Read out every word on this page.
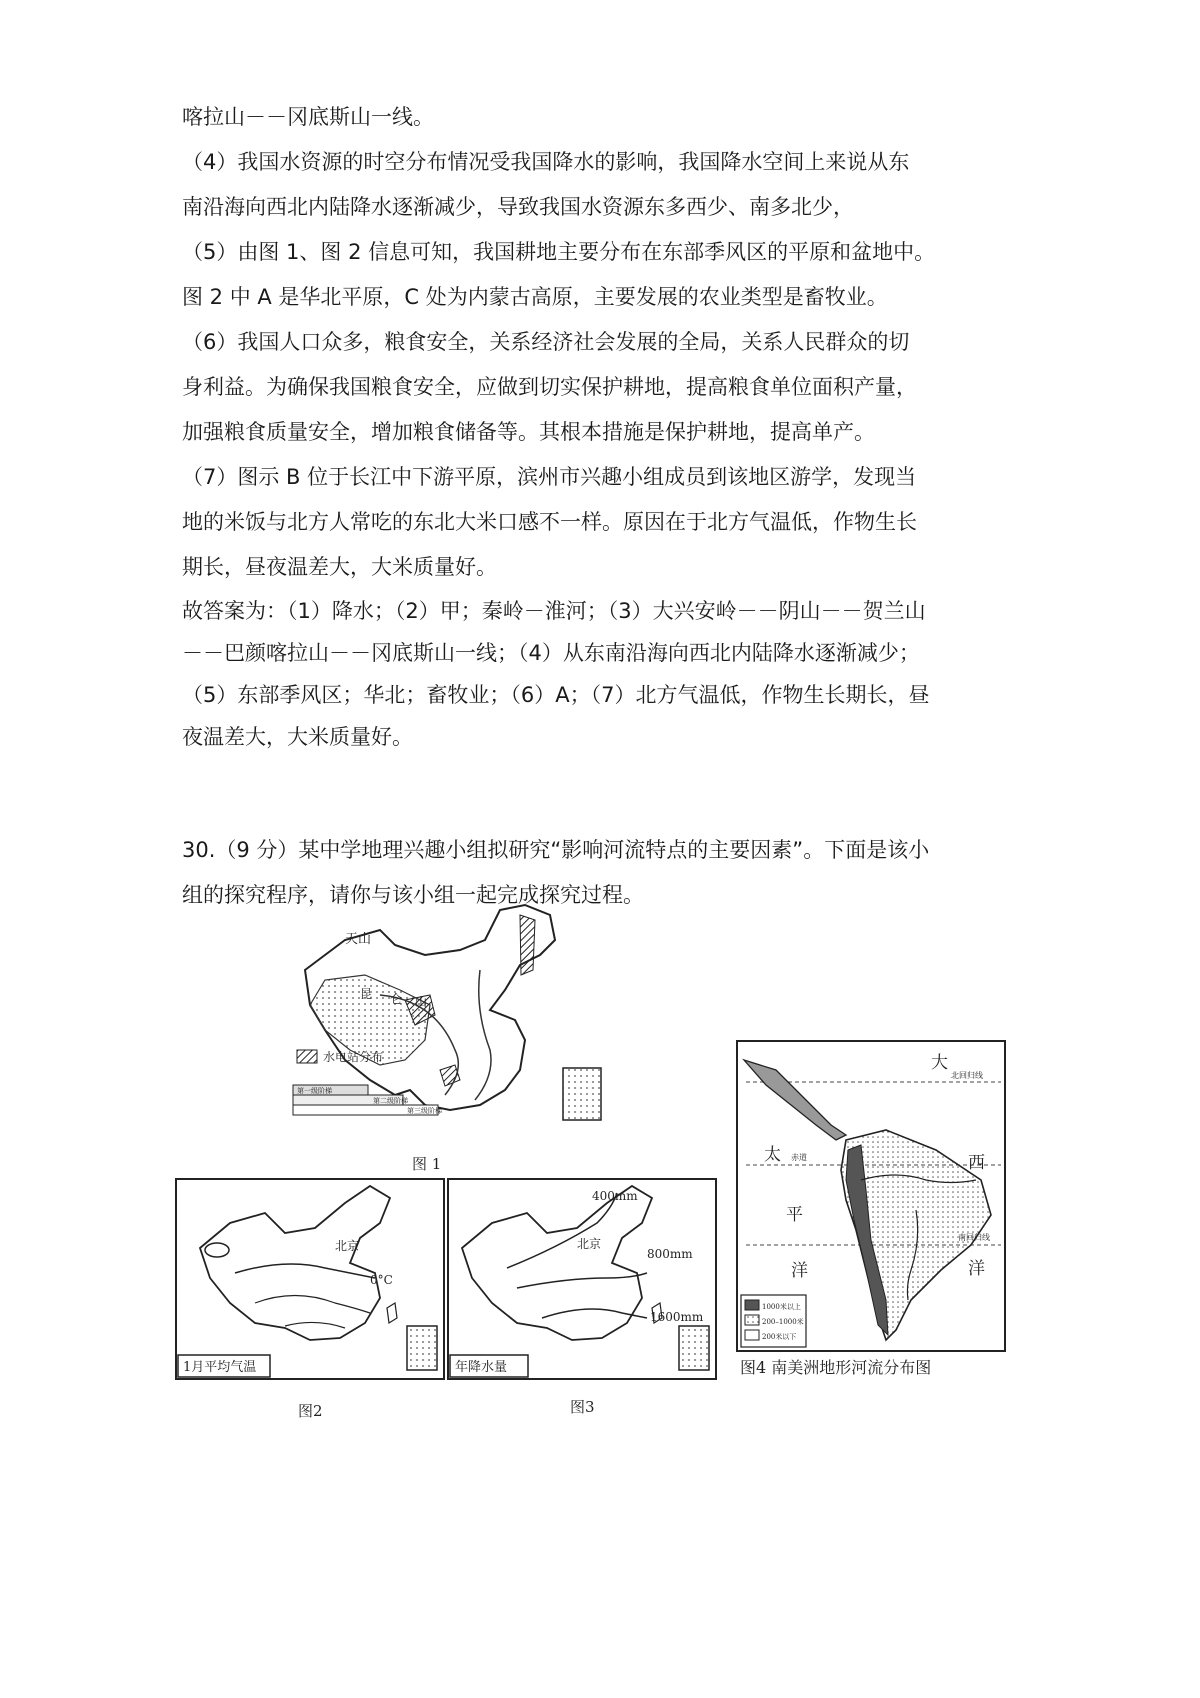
喀拉山－－冈底斯山一线。
（4）我国水资源的时空分布情况受我国降水的影响，我国降水空间上来说从东
南沿海向西北内陆降水逐渐减少，导致我国水资源东多西少、南多北少，
（5）由图 1、图 2 信息可知，我国耕地主要分布在东部季风区的平原和盆地中。
图 2 中 A 是华北平原，C 处为内蒙古高原，主要发展的农业类型是畜牧业。
（6）我国人口众多，粮食安全，关系经济社会发展的全局，关系人民群众的切
身利益。为确保我国粮食安全，应做到切实保护耕地，提高粮食单位面积产量，
加强粮食质量安全，增加粮食储备等。其根本措施是保护耕地，提高单产。
（7）图示 B 位于长江中下游平原，滨州市兴趣小组成员到该地区游学，发现当
地的米饭与北方人常吃的东北大米口感不一样。原因在于北方气温低，作物生长
期长，昼夜温差大，大米质量好。
故答案为：（1）降水；（2）甲；秦岭－淮河；（3）大兴安岭－－阴山－－贺兰山
－－巴颜喀拉山－－冈底斯山一线；（4）从东南沿海向西北内陆降水逐渐减少；
（5）东部季风区；华北；畜牧业；（6）A；（7）北方气温低，作物生长期长，昼
夜温差大，大米质量好。
30.（9 分）某中学地理兴趣小组拟研究“影响河流特点的主要因素”。下面是该小
组的探究程序，请你与该小组一起完成探究过程。
天山
昆 仑 山
水电站分布
第一级阶梯
第二级阶梯
第三级阶梯
图 1
北京
0°C
1月平均气温
图2
400mm
北京
800mm
1600mm
年降水量
图3
大
北回归线
太 赤道	西
平
南回归线
洋
洋
1000米以上
200–1000米
200米以下
图4 南美洲地形河流分布图
